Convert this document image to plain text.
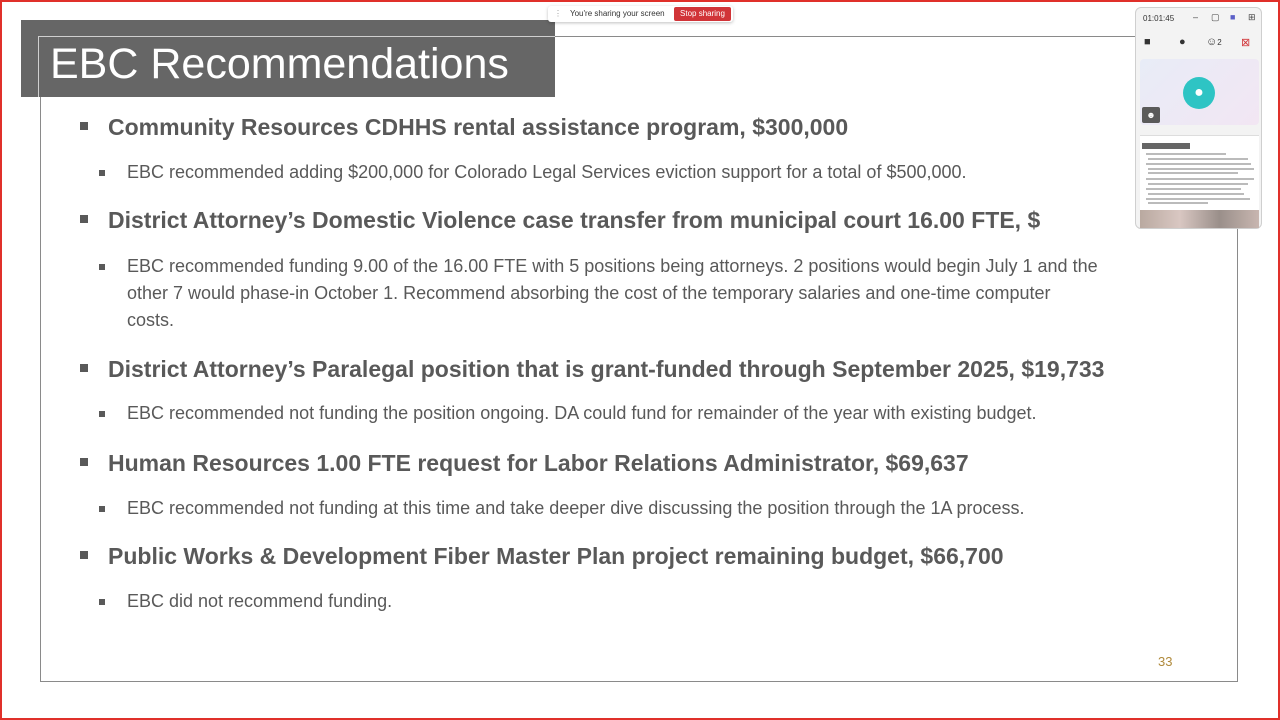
EBC Recommendations
Community Resources CDHHS rental assistance program, $300,000
EBC recommended adding $200,000 for Colorado Legal Services eviction support for a total of $500,000.
District Attorney’s Domestic Violence case transfer from municipal court 16.00 FTE, $
EBC recommended funding 9.00 of the 16.00 FTE with 5 positions being attorneys. 2 positions would begin July 1 and the
other 7 would phase-in October 1. Recommend absorbing the cost of the temporary salaries and one-time computer
costs.
District Attorney’s Paralegal position that is grant-funded through September 2025, $19,733
EBC recommended not funding the position ongoing. DA could fund for remainder of the year with existing budget.
Human Resources 1.00 FTE request for Labor Relations Administrator, $69,637
EBC recommended not funding at this time and take deeper dive discussing the position through the 1A process.
Public Works & Development Fiber Master Plan project remaining budget, $66,700
EBC did not recommend funding.
33
⋮ You're sharing your screen	Stop sharing
01:01:45 – ▢ ■ ⊞
■	● ☺2 ⊠
●
☻
